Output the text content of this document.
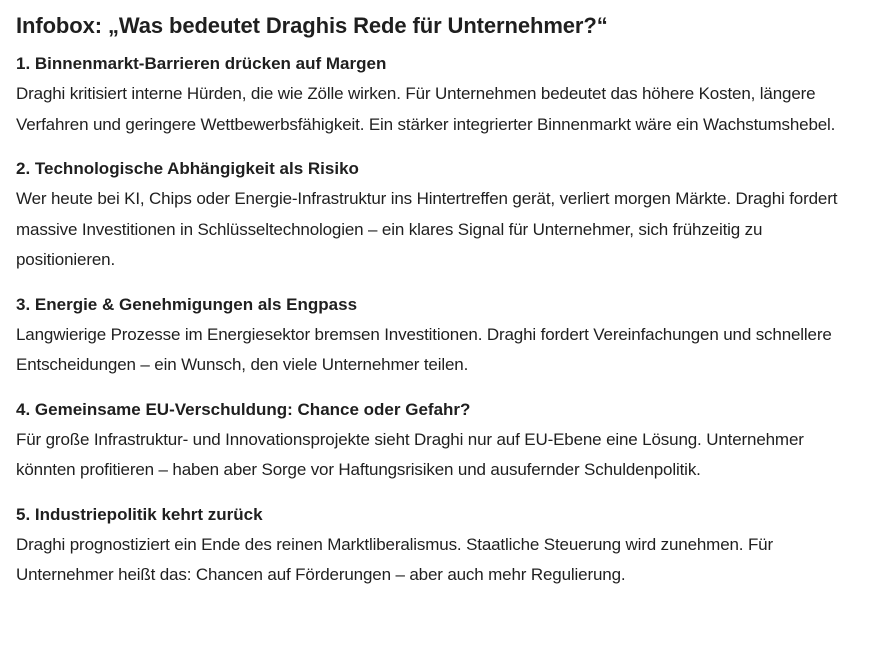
Infobox: „Was bedeutet Draghis Rede für Unternehmer?“
1. Binnenmarkt-Barrieren drücken auf Margen

Draghi kritisiert interne Hürden, die wie Zölle wirken. Für Unternehmen bedeutet das höhere Kosten, längere Verfahren und geringere Wettbewerbsfähigkeit. Ein stärker integrierter Binnenmarkt wäre ein Wachstumshebel.

2. Technologische Abhängigkeit als Risiko

Wer heute bei KI, Chips oder Energie-Infrastruktur ins Hintertreffen gerät, verliert morgen Märkte. Draghi fordert massive Investitionen in Schlüsseltechnologien – ein klares Signal für Unternehmer, sich frühzeitig zu positionieren.

3. Energie & Genehmigungen als Engpass

Langwierige Prozesse im Energiesektor bremsen Investitionen. Draghi fordert Vereinfachungen und schnellere Entscheidungen – ein Wunsch, den viele Unternehmer teilen.

4. Gemeinsame EU-Verschuldung: Chance oder Gefahr?

Für große Infrastruktur- und Innovationsprojekte sieht Draghi nur auf EU-Ebene eine Lösung. Unternehmer könnten profitieren – haben aber Sorge vor Haftungsrisiken und ausufernder Schuldenpolitik.

5. Industriepolitik kehrt zurück

Draghi prognostiziert ein Ende des reinen Marktliberalismus. Staatliche Steuerung wird zunehmen. Für Unternehmer heißt das: Chancen auf Förderungen – aber auch mehr Regulierung.
